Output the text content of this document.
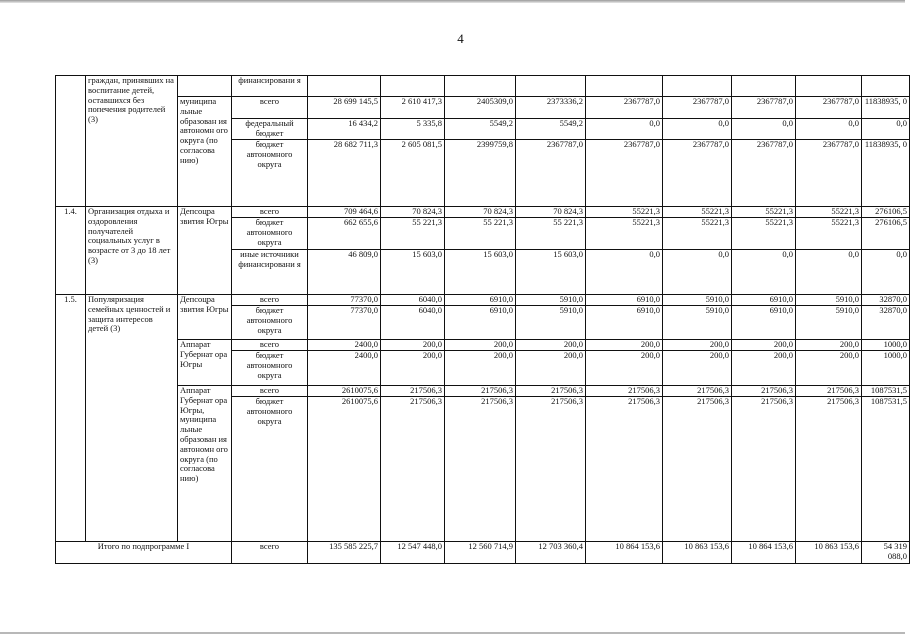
4
	граждан, принявших на воспитание детей, оставшихся без попечения родителей (3)		финансировани я									
		муниципа льные образован ия автономн ого округа (по согласова нию)	всего	28 699 145,5	2 610 417,3	2405309,0	2373336,2	2367787,0	2367787,0	2367787,0	2367787,0	11838935, 0
			федеральный бюджет	16 434,2	5 335,8	5549,2	5549,2	0,0	0,0	0,0	0,0	0,0
			бюджет автономного округа	28 682 711,3	2 605 081,5	2399759,8	2367787,0	2367787,0	2367787,0	2367787,0	2367787,0	11838935, 0
1.4.	Организация отдыха и оздоровления получателей социальных услуг в возрасте от 3 до 18 лет (3)	Депсоцра звития Югры	всего	709 464,6	70 824,3	70 824,3	70 824,3	55221,3	55221,3	55221,3	55221,3	276106,5
			бюджет автономного округа	662 655,6	55 221,3	55 221,3	55 221,3	55221,3	55221,3	55221,3	55221,3	276106,5
			иные источники финансировани я	46 809,0	15 603,0	15 603,0	15 603,0	0,0	0,0	0,0	0,0	0,0
1.5.	Популяризация семейных ценностей и защита интересов детей (3)	Депсоцра звития Югры	всего	77370,0	6040,0	6910,0	5910,0	6910,0	5910,0	6910,0	5910,0	32870,0
			бюджет автономного округа	77370,0	6040,0	6910,0	5910,0	6910,0	5910,0	6910,0	5910,0	32870,0
		Аппарат Губернат ора Югры	всего	2400,0	200,0	200,0	200,0	200,0	200,0	200,0	200,0	1000,0
			бюджет автономного округа	2400,0	200,0	200,0	200,0	200,0	200,0	200,0	200,0	1000,0
		Аппарат Губернат ора Югры, муниципа льные образован ия автономн ого округа (по согласова нию)	всего	2610075,6	217506,3	217506,3	217506,3	217506,3	217506,3	217506,3	217506,3	1087531,5
			бюджет автономного округа	2610075,6	217506,3	217506,3	217506,3	217506,3	217506,3	217506,3	217506,3	1087531,5
Итого по подпрограмме I			всего	135 585 225,7	12 547 448,0	12 560 714,9	12 703 360,4	10 864 153,6	10 863 153,6	10 864 153,6	10 863 153,6	54 319 088,0
